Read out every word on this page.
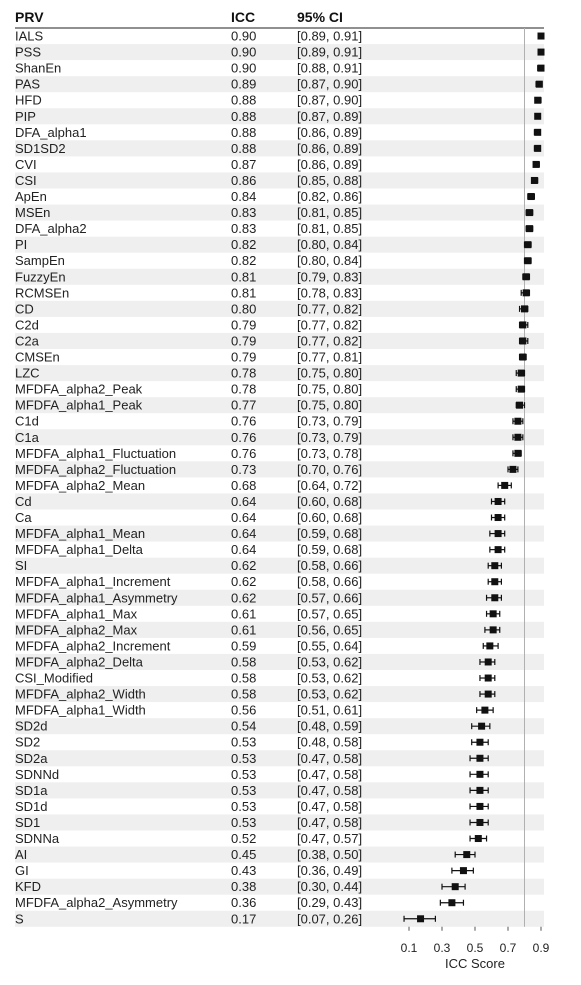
PRV	ICC	95% CI
IALS	0.90	[0.89, 0.91]
PSS	0.90	[0.89, 0.91]
ShanEn	0.90	[0.88, 0.91]
PAS	0.89	[0.87, 0.90]
HFD	0.88	[0.87, 0.90]
PIP	0.88	[0.87, 0.89]
DFA_alpha1	0.88	[0.86, 0.89]
SD1SD2	0.88	[0.86, 0.89]
CVI	0.87	[0.86, 0.89]
CSI	0.86	[0.85, 0.88]
ApEn	0.84	[0.82, 0.86]
MSEn	0.83	[0.81, 0.85]
DFA_alpha2	0.83	[0.81, 0.85]
PI	0.82	[0.80, 0.84]
SampEn	0.82	[0.80, 0.84]
FuzzyEn	0.81	[0.79, 0.83]
RCMSEn	0.81	[0.78, 0.83]
CD	0.80	[0.77, 0.82]
C2d	0.79	[0.77, 0.82]
C2a	0.79	[0.77, 0.82]
CMSEn	0.79	[0.77, 0.81]
LZC	0.78	[0.75, 0.80]
MFDFA_alpha2_Peak	0.78	[0.75, 0.80]
MFDFA_alpha1_Peak	0.77	[0.75, 0.80]
C1d	0.76	[0.73, 0.79]
C1a	0.76	[0.73, 0.79]
MFDFA_alpha1_Fluctuation	0.76	[0.73, 0.78]
MFDFA_alpha2_Fluctuation	0.73	[0.70, 0.76]
MFDFA_alpha2_Mean	0.68	[0.64, 0.72]
Cd	0.64	[0.60, 0.68]
Ca	0.64	[0.60, 0.68]
MFDFA_alpha1_Mean	0.64	[0.59, 0.68]
MFDFA_alpha1_Delta	0.64	[0.59, 0.68]
SI	0.62	[0.58, 0.66]
MFDFA_alpha1_Increment	0.62	[0.58, 0.66]
MFDFA_alpha1_Asymmetry	0.62	[0.57, 0.66]
MFDFA_alpha1_Max	0.61	[0.57, 0.65]
MFDFA_alpha2_Max	0.61	[0.56, 0.65]
MFDFA_alpha2_Increment	0.59	[0.55, 0.64]
MFDFA_alpha2_Delta	0.58	[0.53, 0.62]
CSI_Modified	0.58	[0.53, 0.62]
MFDFA_alpha2_Width	0.58	[0.53, 0.62]
MFDFA_alpha1_Width	0.56	[0.51, 0.61]
SD2d	0.54	[0.48, 0.59]
SD2	0.53	[0.48, 0.58]
SD2a	0.53	[0.47, 0.58]
SDNNd	0.53	[0.47, 0.58]
SD1a	0.53	[0.47, 0.58]
SD1d	0.53	[0.47, 0.58]
SD1	0.53	[0.47, 0.58]
SDNNa	0.52	[0.47, 0.57]
AI	0.45	[0.38, 0.50]
GI	0.43	[0.36, 0.49]
KFD	0.38	[0.30, 0.44]
MFDFA_alpha2_Asymmetry	0.36	[0.29, 0.43]
S	0.17	[0.07, 0.26]
0.1 0.3 0.5 0.7 0.9
ICC Score
